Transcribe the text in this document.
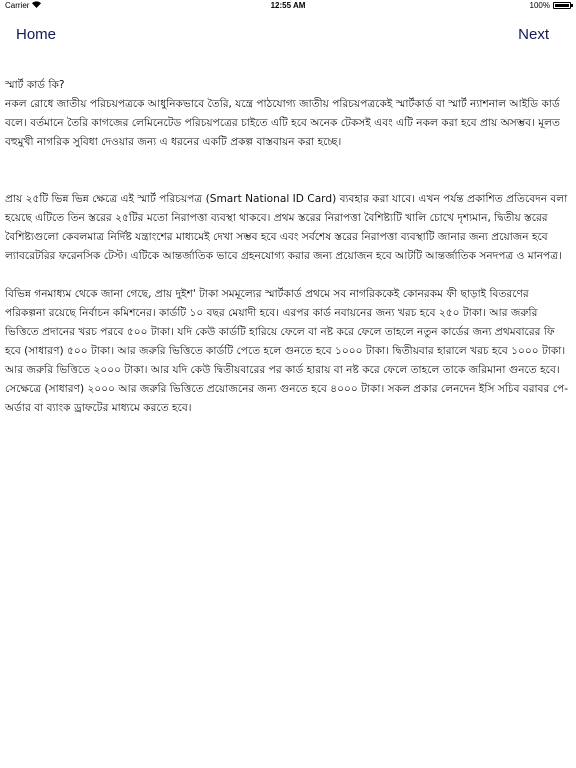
Carrier	12:55 AM	100%
Home	Next

স্মার্ট কার্ড কি?

নকল রোধে জাতীয় পরিচয়পত্রকে আধুনিকভাবে তৈরি, যন্ত্রে পাঠযোগ্য জাতীয় পরিচয়পত্রকেই স্মার্টকার্ড বা স্মার্ট ন্যাশনাল আইডি কার্ড বলে। বর্তমানে তৈরি কাগজের লেমিনেটেড পরিচয়পত্রের চাইতে এটি হবে অনেক টেকসই এবং এটি নকল করা হবে প্রায় অসম্ভব। মূলত বহুমুখী নাগরিক সুবিধা দেওয়ার জন্য এ ধরনের একটি প্রকল্প বাস্তবায়ন করা হচ্ছে।

প্রায় ২৫টি ভিন্ন ভিন্ন ক্ষেত্রে এই স্মার্ট পরিচয়পত্র (Smart National ID Card) ব্যবহার করা যাবে। এখন পর্যন্ত প্রকাশিত প্রতিবেদন বলা হয়েছে এটিতে তিন স্তরের ২৫টির মতো নিরাপত্তা ব্যবস্থা থাকবে। প্রথম স্তরের নিরাপত্তা বৈশিষ্ট্যটি খালি চোখে দৃশ্যমান, দ্বিতীয় স্তরের বৈশিষ্ট্যগুলো কেবলমাত্র নির্দিষ্ট যন্ত্রাংশের মাধ্যমেই দেখা সম্ভব হবে এবং সর্বশেষ স্তরের নিরাপত্তা ব্যবস্থাটি জানার জন্য প্রয়োজন হবে ল্যাবরেটরির ফরেনসিক টেস্ট। এটিকে আন্তর্জাতিক ভাবে গ্রহনযোগ্য করার জন্য প্রয়োজন হবে আটটি আন্তর্জাতিক সনদপত্র ও মানপত্র।

বিভিন্ন গনমাধ্যম থেকে জানা গেছে, প্রায় দুইশ' টাকা সমমূল্যের স্মার্টকার্ড প্রথমে সব নাগরিককেই কোনরকম ফী ছাড়াই বিতরণের পরিকল্পনা রয়েছে নির্বাচন কমিশনের। কার্ডটি ১০ বছর মেয়াদী হবে। এরপর কার্ড নবায়নের জন্য খরচ হবে ২৫০ টাকা। আর জরুরি ভিত্তিতে প্রদানের খরচ পরবে ৫০০ টাকা। যদি কেউ কার্ডটি হারিয়ে ফেলে বা নষ্ট করে ফেলে তাহলে নতুন কার্ডের জন্য প্রথমবারের ফি হবে (সাধারণ) ৫০০ টাকা। আর জরুরি ভিত্তিতে কার্ডটি পেতে হলে গুনতে হবে ১০০০ টাকা। দ্বিতীয়বার হারালে খরচ হবে ১০০০ টাকা। আর জরুরি ভিত্তিতে ২০০০ টাকা। আর যদি কেউ দ্বিতীয়বারের পর কার্ড হারায় বা নষ্ট করে ফেলে তাহলে তাকে জরিমানা গুনতে হবে। সেক্ষেত্রে (সাধারণ) ২০০০ আর জরুরি ভিত্তিতে প্রয়োজনের জন্য গুনতে হবে ৪০০০ টাকা। সকল প্রকার লেনদেন ইসি সচিব বরাবর পে-অর্ডার বা ব্যাংক ড্রাফটের মাধ্যমে করতে হবে।
